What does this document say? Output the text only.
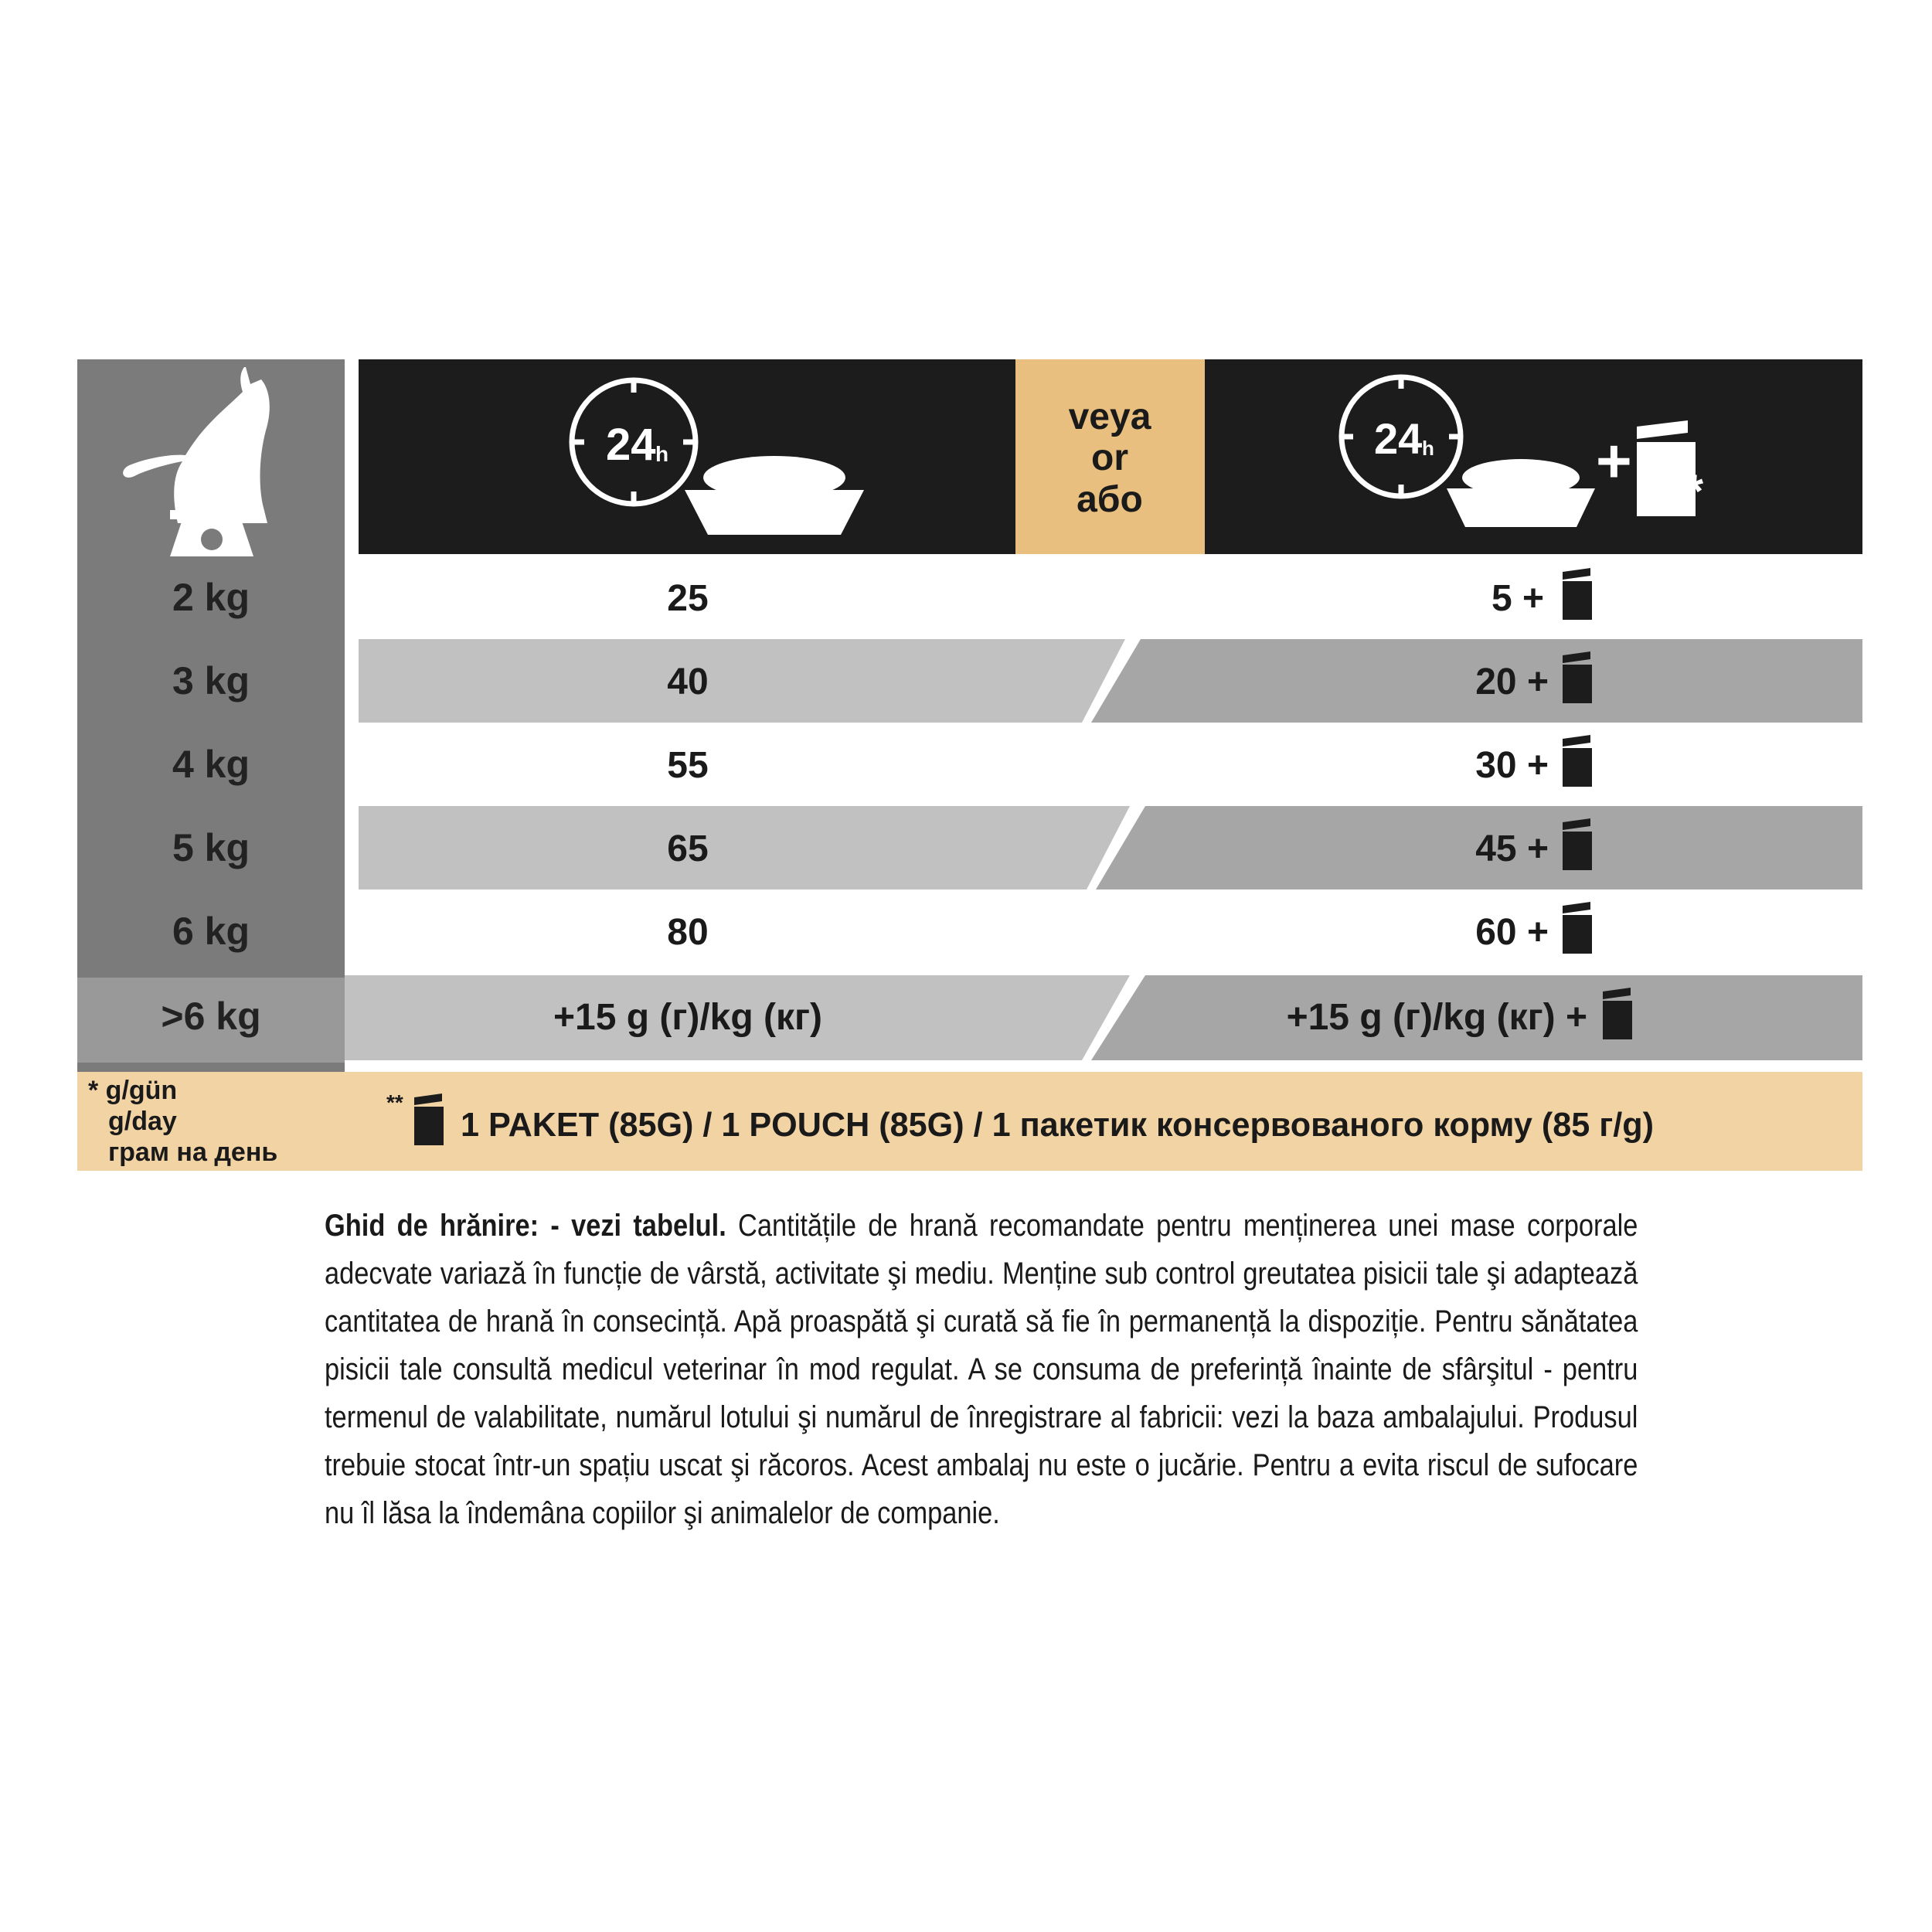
24 h
g*
veya
or
або
24 h
g*
+ 1**
2 kg
3 kg
4 kg
5 kg
6 kg
>6 kg
25
40
55
65
80
+15 g (г)/kg (кг)
5 +
20 +
30 +
45 +
60 +
+15 g (г)/kg (кг) +
* g/gün
g/day
грам на день
**
1 PAKET (85G) / 1 POUCH (85G) / 1 пакетик консервованого корму (85 г/g)

Ghid de hrănire: - vezi tabelul. Cantitățile de hrană recomandate pentru menținerea unei mase corporale adecvate variază în funcție de vârstă, activitate şi mediu. Menține sub control greutatea pisicii tale şi adaptează cantitatea de hrană în consecință. Apă proaspătă şi curată să fie în permanență la dispoziție. Pentru sănătatea pisicii tale consultă medicul veterinar în mod regulat. A se consuma de preferință înainte de sfârşitul - pentru termenul de valabilitate, numărul lotului şi numărul de înregistrare al fabricii: vezi la baza ambalajului. Produsul trebuie stocat într-un spațiu uscat şi răcoros. Acest ambalaj nu este o jucărie. Pentru a evita riscul de sufocare nu îl lăsa la îndemâna copiilor şi animalelor de companie.
